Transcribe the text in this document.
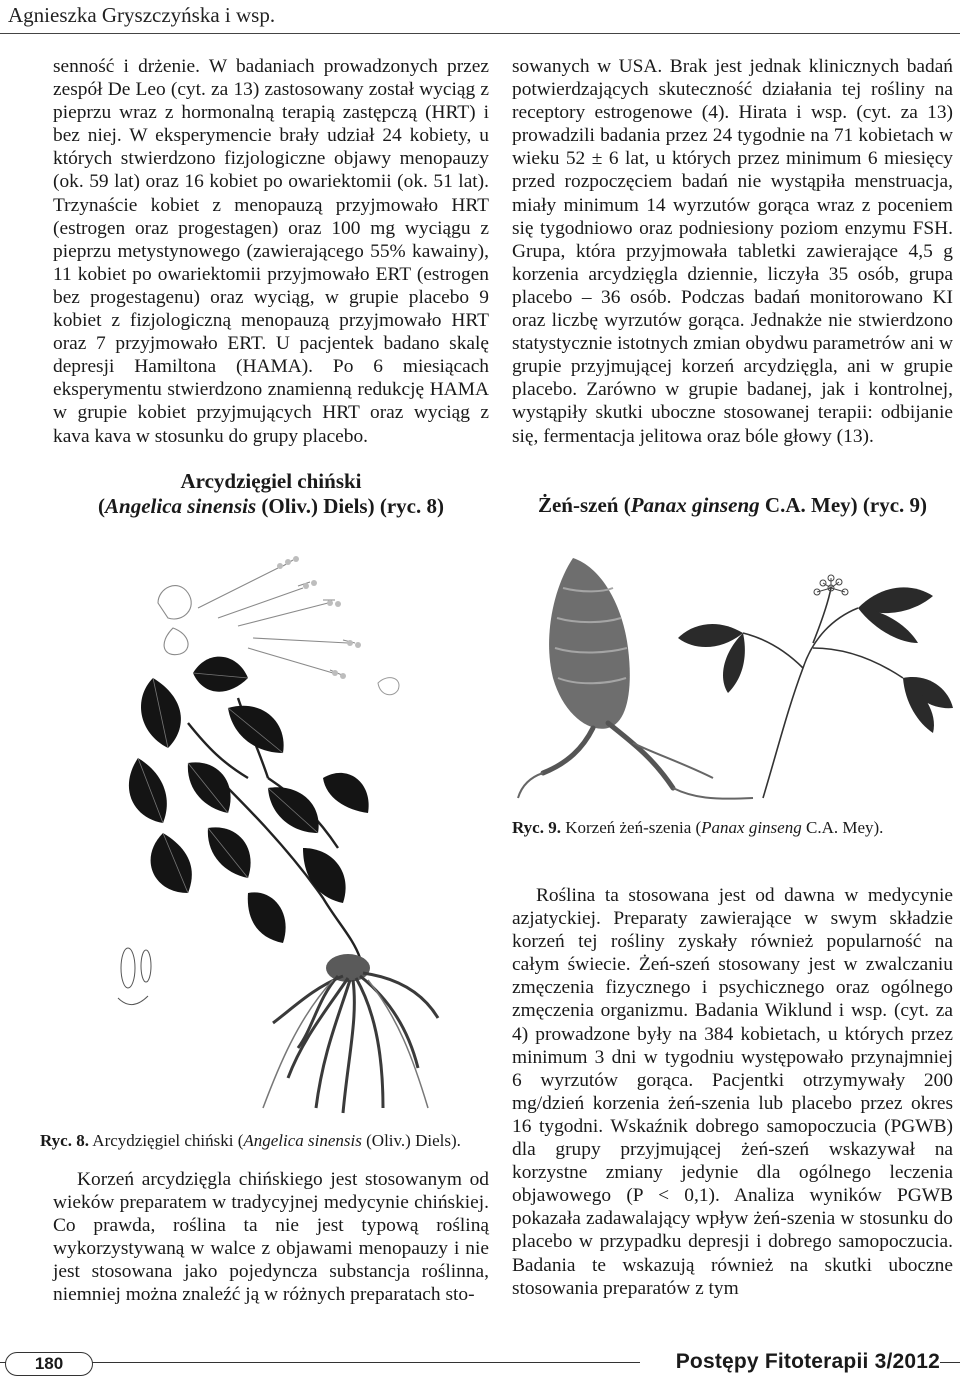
Agnieszka Gryszczyńska i wsp.

senność i drżenie. W badaniach prowadzonych przez zespół De Leo (cyt. za 13) zastosowany został wyciąg z pieprzu wraz z hormonalną terapią zastępczą (HRT) i bez niej. W eksperymencie brały udział 24 kobiety, u których stwierdzono fizjologiczne objawy menopauzy (ok. 59 lat) oraz 16 kobiet po owariektomii (ok. 51 lat). Trzynaście kobiet z menopauzą przyjmowało HRT (estrogen oraz progestagen) oraz 100 mg wyciągu z pieprzu metystynowego (zawierającego 55% kawainy), 11 kobiet po owariektomii przyjmowało ERT (estrogen bez progestagenu) oraz wyciąg, w grupie placebo 9 kobiet z fizjologiczną menopauzą przyjmowało HRT oraz 7 przyjmowało ERT. U pacjentek badano skalę depresji Hamiltona (HAMA). Po 6 miesiącach eksperymentu stwierdzono znamienną redukcję HAMA w grupie kobiet przyjmujących HRT oraz wyciąg z kava kava w stosunku do grupy placebo.

Arcydzięgiel chiński
(Angelica sinensis (Oliv.) Diels) (ryc. 8)

sowanych w USA. Brak jest jednak klinicznych badań potwierdzających skuteczność działania tej rośliny na receptory estrogenowe (4). Hirata i wsp. (cyt. za 13) prowadzili badania przez 24 tygodnie na 71 kobietach w wieku 52 ± 6 lat, u których przez minimum 6 miesięcy przed rozpoczęciem badań nie wystąpiła menstruacja, miały minimum 14 wyrzutów gorąca wraz z poceniem się tygodniowo oraz podniesiony poziom enzymu FSH. Grupa, która przyjmowała tabletki zawierające 4,5 g korzenia arcydzięgla dziennie, liczyła 35 osób, grupa placebo – 36 osób. Podczas badań monitorowano KI oraz liczbę wyrzutów gorąca. Jednakże nie stwierdzono statystycznie istotnych zmian obydwu parametrów ani w grupie przyjmującej korzeń arcydzięgla, ani w grupie placebo. Zarówno w grupie badanej, jak i kontrolnej, wystąpiły skutki uboczne stosowanej terapii: odbijanie się, fermentacja jelitowa oraz bóle głowy (13).

Żeń-szeń (Panax ginseng C.A. Mey) (ryc. 9)
Ryc. 8. Arcydzięgiel chiński (Angelica sinensis (Oliv.) Diels).
Ryc. 9. Korzeń żeń-szenia (Panax ginseng C.A. Mey).

Korzeń arcydzięgla chińskiego jest stosowanym od wieków preparatem w tradycyjnej medycynie chińskiej. Co prawda, roślina ta nie jest typową rośliną wykorzystywaną w walce z objawami menopauzy i nie jest stosowana jako pojedyncza substancja roślinna, niemniej można znaleźć ją w różnych preparatach sto-

Roślina ta stosowana jest od dawna w medycynie azjatyckiej. Preparaty zawierające w swym składzie korzeń tej rośliny zyskały również popularność na całym świecie. Żeń-szeń stosowany jest w zwalczaniu zmęczenia fizycznego i psychicznego oraz ogólnego zmęczenia organizmu. Badania Wiklund i wsp. (cyt. za 4) prowadzone były na 384 kobietach, u których przez minimum 3 dni w tygodniu występowało przynajmniej 6 wyrzutów gorąca. Pacjentki otrzymywały 200 mg/dzień korzenia żeń-szenia lub placebo przez okres 16 tygodni. Wskaźnik dobrego samopoczucia (PGWB) dla grupy przyjmującej żeń-szeń wskazywał na korzystne zmiany jedynie dla ogólnego leczenia objawowego (P < 0,1). Analiza wyników PGWB pokazała zadawalający wpływ żeń-szenia w stosunku do placebo w przypadku depresji i dobrego samopoczucia. Badania te wskazują również na skutki uboczne stosowania preparatów z tym

180	Postępy Fitoterapii 3/2012
